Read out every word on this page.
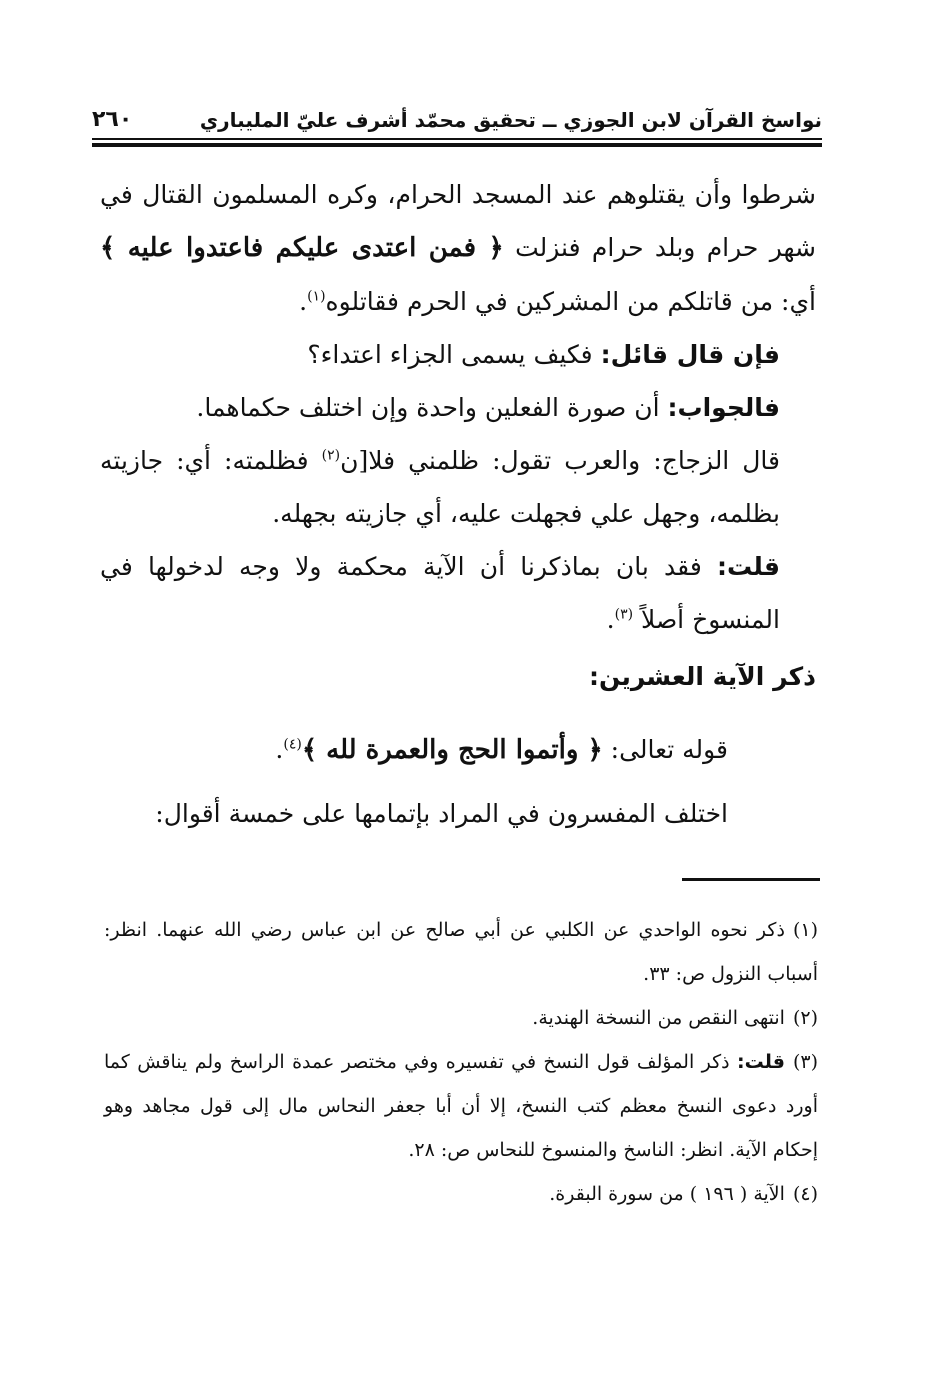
٢٦٠	نواسخ القرآن لابن الجوزي ــ تحقيق محمّد أشرف عليّ المليباري

شرطوا وأن يقتلوهم عند المسجد الحرام، وكره المسلمون القتال في شهر حرام وبلد حرام فنزلت ﴿ فمن اعتدى عليكم فاعتدوا عليه ﴾ أي: من قاتلكم من المشركين في الحرم فقاتلوه$^{(١)}$.

فإن قال قائل: فكيف يسمى الجزاء اعتداء؟

فالجواب: أن صورة الفعلين واحدة وإن اختلف حكماهما.

قال الزجاج: والعرب تقول: ظلمني فلا[ن$^{(٢)}$ فظلمته: أي: جازيته بظلمه، وجهل علي فجهلت عليه، أي جازيته بجهله.

قلت: فقد بان بماذكرنا أن الآية محكمة ولا وجه لدخولها في المنسوخ أصلاً $^{(٣)}$.

ذكر الآية العشرين:

قوله تعالى: ﴿ وأتموا الحج والعمرة لله ﴾$^{(٤)}$.

اختلف المفسرون في المراد بإتمامها على خمسة أقوال:

(١)ذكر نحوه الواحدي عن الكلبي عن أبي صالح عن ابن عباس رضي الله عنهما. انظر: أسباب النزول ص: ٣٣.

(٢)انتهى النقص من النسخة الهندية.

(٣)قلت: ذكر المؤلف قول النسخ في تفسيره وفي مختصر عمدة الراسخ ولم يناقش كما أورد دعوى النسخ معظم كتب النسخ، إلا أن أبا جعفر النحاس مال إلى قول مجاهد وهو إحكام الآية. انظر: الناسخ والمنسوخ للنحاس ص: ٢٨.

(٤)الآية ( ١٩٦ ) من سورة البقرة.
